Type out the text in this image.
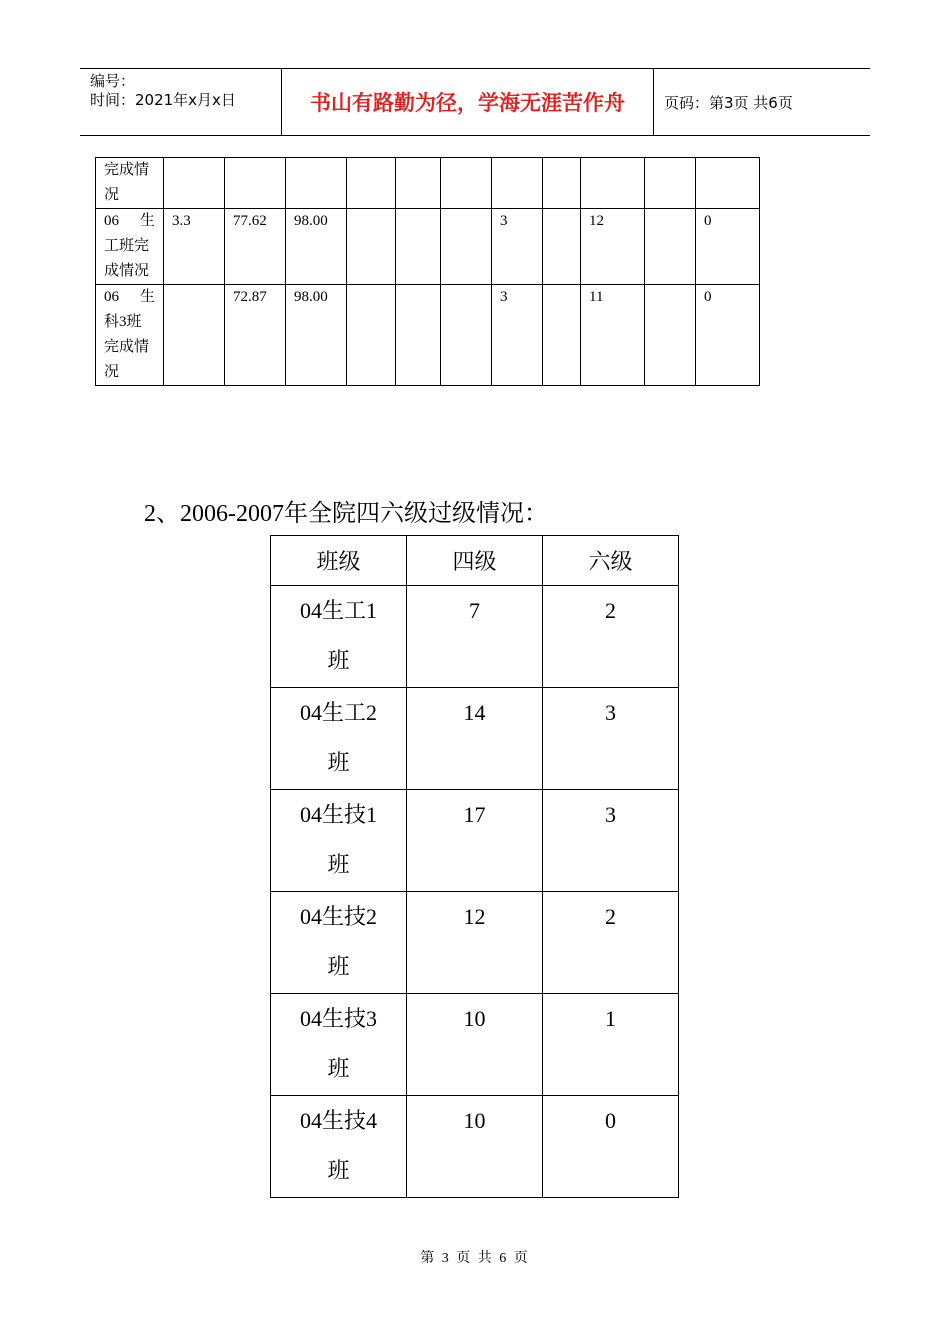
编号：
时间：2021年x月x日	书山有路勤为径，学海无涯苦作舟	页码：第3页 共6页
完成情
况											

06 生
工班完
成情况	3.3	77.62	98.00				3		12		0

06 生
科3班
完成情
况		72.87	98.00				3		11		0
2、2006-2007年全院四六级过级情况：
班级	四级	六级

04生工1
班	7	2

04生工2
班	14	3

04生技1
班	17	3

04生技2
班	12	2

04生技3
班	10	1

04生技4
班	10	0
第 3 页 共 6 页
